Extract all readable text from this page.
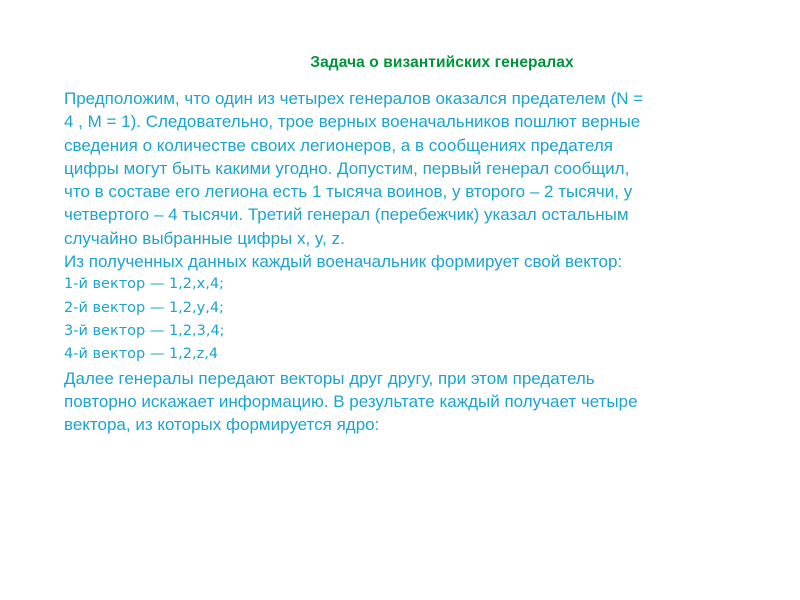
Задача о византийских генералах
Предположим, что один из четырех генералов оказался предателем (N =
4 , M = 1). Следовательно, трое верных военачальников пошлют верные
сведения о количестве своих легионеров, а в сообщениях предателя
цифры могут быть какими угодно. Допустим, первый генерал сообщил,
что в составе его легиона есть 1 тысяча воинов, у второго – 2 тысячи, у
четвертого – 4 тысячи. Третий генерал (перебежчик) указал остальным
случайно выбранные цифры x, y, z.
Из полученных данных каждый военачальник формирует свой вектор:
1-й вектор — 1,2,x,4;
2-й вектор — 1,2,y,4;
3-й вектор — 1,2,3,4;
4-й вектор — 1,2,z,4
Далее генералы передают векторы друг другу, при этом предатель
повторно искажает информацию. В результате каждый получает четыре
вектора, из которых формируется ядро:
